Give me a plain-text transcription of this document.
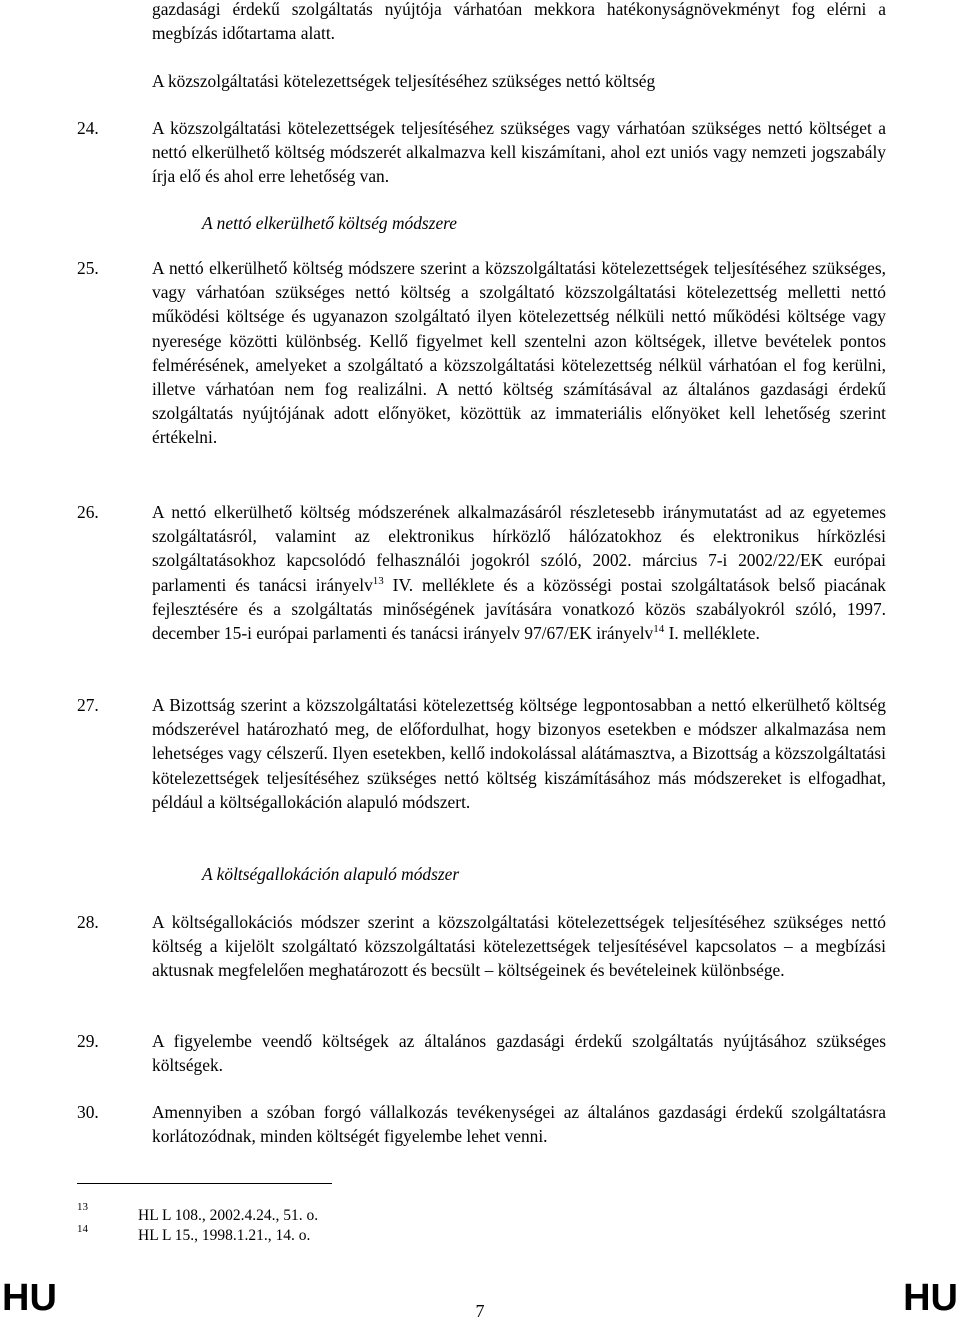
gazdasági érdekű szolgáltatás nyújtója várhatóan mekkora hatékonyságnövekményt fog elérni a megbízás időtartama alatt.
A közszolgáltatási kötelezettségek teljesítéséhez szükséges nettó költség
24.	A közszolgáltatási kötelezettségek teljesítéséhez szükséges vagy várhatóan szükséges nettó költséget a nettó elkerülhető költség módszerét alkalmazva kell kiszámítani, ahol ezt uniós vagy nemzeti jogszabály írja elő és ahol erre lehetőség van.
A nettó elkerülhető költség módszere
25.	A nettó elkerülhető költség módszere szerint a közszolgáltatási kötelezettségek teljesítéséhez szükséges, vagy várhatóan szükséges nettó költség a szolgáltató közszolgáltatási kötelezettség melletti nettó működési költsége és ugyanazon szolgáltató ilyen kötelezettség nélküli nettó működési költsége vagy nyeresége közötti különbség. Kellő figyelmet kell szentelni azon költségek, illetve bevételek pontos felmérésének, amelyeket a szolgáltató a közszolgáltatási kötelezettség nélkül várhatóan el fog kerülni, illetve várhatóan nem fog realizálni. A nettó költség számításával az általános gazdasági érdekű szolgáltatás nyújtójának adott előnyöket, közöttük az immateriális előnyöket kell lehetőség szerint értékelni.
26.	A nettó elkerülhető költség módszerének alkalmazásáról részletesebb iránymutatást ad az egyetemes szolgáltatásról, valamint az elektronikus hírközlő hálózatokhoz és elektronikus hírközlési szolgáltatásokhoz kapcsolódó felhasználói jogokról szóló, 2002. március 7-i 2002/22/EK európai parlamenti és tanácsi irányelv$^{13}$ IV. melléklete és a közösségi postai szolgáltatások belső piacának fejlesztésére és a szolgáltatás minőségének javítására vonatkozó közös szabályokról szóló, 1997. december 15-i európai parlamenti és tanácsi irányelv 97/67/EK irányelv$^{14}$ I. melléklete.
27.	A Bizottság szerint a közszolgáltatási kötelezettség költsége legpontosabban a nettó elkerülhető költség módszerével határozható meg, de előfordulhat, hogy bizonyos esetekben e módszer alkalmazása nem lehetséges vagy célszerű. Ilyen esetekben, kellő indokolással alátámasztva, a Bizottság a közszolgáltatási kötelezettségek teljesítéséhez szükséges nettó költség kiszámításához más módszereket is elfogadhat, például a költségallokáción alapuló módszert.
A költségallokáción alapuló módszer
28.	A költségallokációs módszer szerint a közszolgáltatási kötelezettségek teljesítéséhez szükséges nettó költség a kijelölt szolgáltató közszolgáltatási kötelezettségek teljesítésével kapcsolatos – a megbízási aktusnak megfelelően meghatározott és becsült – költségeinek és bevételeinek különbsége.
29.	A figyelembe veendő költségek az általános gazdasági érdekű szolgáltatás nyújtásához szükséges költségek.
30.	Amennyiben a szóban forgó vállalkozás tevékenységei az általános gazdasági érdekű szolgáltatásra korlátozódnak, minden költségét figyelembe lehet venni.
13	HL L 108., 2002.4.24., 51. o.
14	HL L 15., 1998.1.21., 14. o.
HU	7	HU
